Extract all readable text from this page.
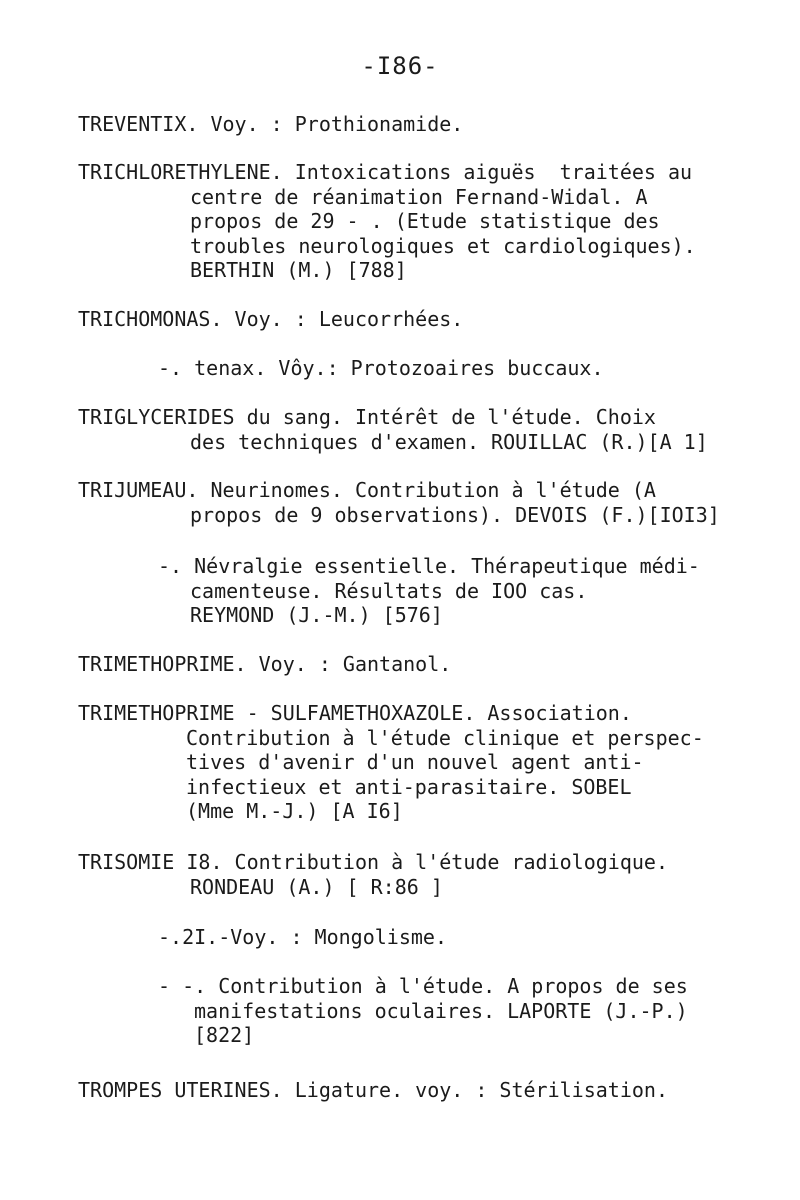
-I86-
TREVENTIX. Voy. : Prothionamide.
TRICHLORETHYLENE. Intoxications aiguës  traitées au
centre de réanimation Fernand-Widal. A
propos de 29 - . (Etude statistique des
troubles neurologiques et cardiologiques).
BERTHIN (M.) [788]
TRICHOMONAS. Voy. : Leucorrhées.
-. tenax. Vôy.: Protozoaires buccaux.
TRIGLYCERIDES du sang. Intérêt de l'étude. Choix
des techniques d'examen. ROUILLAC (R.)[A 1]
TRIJUMEAU. Neurinomes. Contribution à l'étude (A
propos de 9 observations). DEVOIS (F.)[IOI3]
-. Névralgie essentielle. Thérapeutique médi-
camenteuse. Résultats de IOO cas.
REYMOND (J.-M.) [576]
TRIMETHOPRIME. Voy. : Gantanol.
TRIMETHOPRIME - SULFAMETHOXAZOLE. Association.
Contribution à l'étude clinique et perspec-
tives d'avenir d'un nouvel agent anti-
infectieux et anti-parasitaire. SOBEL
(Mme M.-J.) [A I6]
TRISOMIE I8. Contribution à l'étude radiologique.
RONDEAU (A.) [ R:86 ]
-.2I.-Voy. : Mongolisme.
- -. Contribution à l'étude. A propos de ses
manifestations oculaires. LAPORTE (J.-P.)
[822]
TROMPES UTERINES. Ligature. voy. : Stérilisation.
